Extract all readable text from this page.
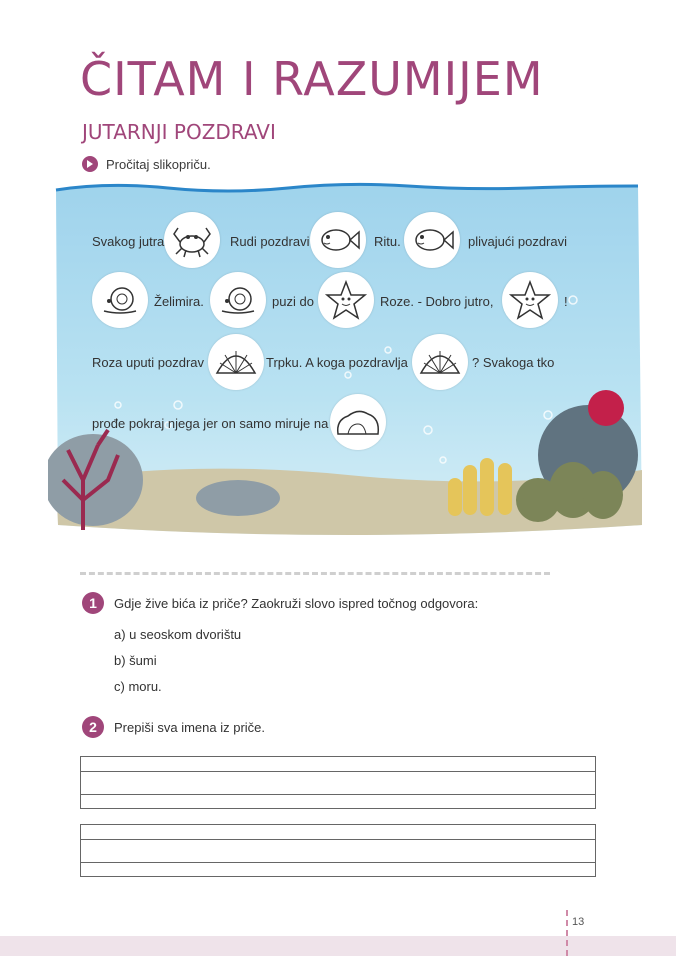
ČITAM I RAZUMIJEM
JUTARNJI POZDRAVI
Pročitaj slikopriču.
Svakog jutra	Rudi pozdravi	Ritu.	plivajući pozdravi
Želimira.	puzi do	Roze. - Dobro jutro,	!
Roza uputi pozdrav	Trpku. A koga pozdravlja	? Svakoga tko
prođe pokraj njega jer on samo miruje na
1	Gdje žive bića iz priče? Zaokruži slovo ispred točnog odgovora:
a) u seoskom dvorištu
b) šumi
c) moru.
2	Prepiši sva imena iz priče.
13
